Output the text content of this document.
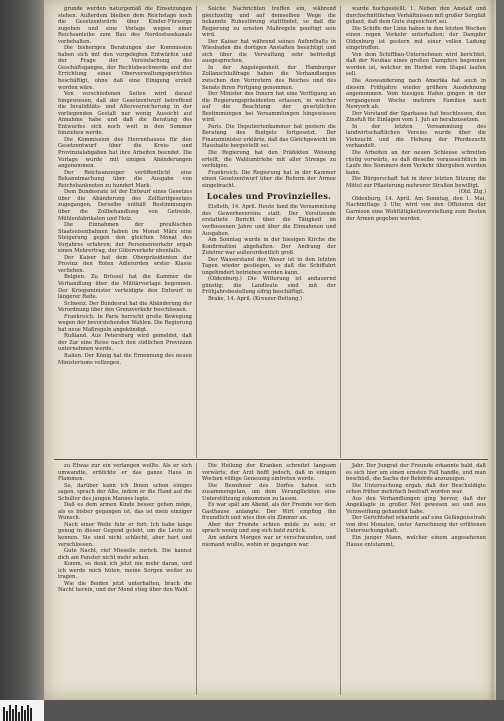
grunde werden naturgemäß die Einsetzungen stehen. Außerdem bleiben dem Reichstage noch die Gesetzentwürfe über Kinder-Fürsorge zugeben und eine Vorlage wegen einer Reichsanleihe zum Bau des Nordostseekanals vorbehalten.

Die bisherigen Beratungen der Kommission haben sich mit den vorgelegten Entwürfen und der Frage der Vereinfachung des Geschäftsganges, der Rechtsbeschwerde und der Errichtung eines Oberverwaltungsgerichtes beschäftigt, ohne daß eine Einigung erzielt worden wäre.

Von verschiedenen Seiten wird darauf hingewiesen, daß der Gesetzentwurf betreffend die Invaliditäts- und Altersversicherung in der vorliegenden Gestalt nur wenig Aussicht auf Annahme habe und daß die Beratung des Entwurfes sich noch weit in den Sommer hinziehen werde.

Die Kommission des Herrenhauses für den Gesetzentwurf über die Kreis- und Provinzialabgaben hat ihre Arbeiten beendet. Die Vorlage wurde mit einigen Abänderungen angenommen.

Der Reichsanzeiger veröffentlicht eine Bekanntmachung über die Ausgabe von Reichsbanknoten zu hundert Mark.

Dem Bundesrate ist der Entwurf eines Gesetzes über die Abänderung des Zolltarifgesetzes zugegangen. Derselbe enthält Bestimmungen über die Zollbehandlung von Getreide, Mühlenfabrikaten und Holz.

Die Einnahmen der preußischen Staatseisenbahnen haben im Monat März eine Steigerung gegen den gleichen Monat des Vorjahres erfahren; der Personenverkehr ergab einen Mehrertrag, der Güterverkehr ebenfalls.

Der Kaiser hat dem Oberpräsidenten der Provinz den Roten Adlerorden erster Klasse verliehen.

Belgien. Zu Brüssel hat die Kammer die Verhandlung über die Militärvorlage begonnen. Der Kriegsminister verteidigte den Entwurf in längerer Rede.

Schweiz. Der Bundesrat hat die Abänderung der Verordnung über den Grenzverkehr beschlossen.

Frankreich. In Paris herrscht große Bewegung wegen der bevorstehenden Wahlen. Die Regierung hat neue Maßregeln angekündigt.

Rußland. Aus Petersburg wird gemeldet, daß der Zar eine Reise nach den südlichen Provinzen unternehmen werde.

Italien. Der König hat die Ernennung des neuen Ministeriums vollzogen.

Solche Nachrichten treffen ein, während gleichzeitig und auf demselben Wege die bekannte Ruhestörung stattfindet, so daß die Regierung zu ernsten Maßregeln genötigt sein wird.

Der Kaiser hat während seines Aufenthalts in Wiesbaden die dortigen Anstalten besichtigt und sich über die Verwaltung sehr befriedigt ausgesprochen.

In der Angelegenheit der Hamburger Zollanschlußfrage haben die Verhandlungen zwischen den Vertretern des Reiches und des Senats ihren Fortgang genommen.

Der Minister des Innern hat eine Verfügung an die Regierungspräsidenten erlassen, in welcher auf die Beachtung der gesetzlichen Bestimmungen bei Versammlungen hingewiesen wird.

Paris. Die Deputiertenkammer hat gestern die Beratung des Budgets fortgesetzt. Der Finanzminister erklärte, daß das Gleichgewicht im Haushalte hergestellt sei.

Die Regierung hat den Präfekten Weisung erteilt, die Wahlumtriebe mit aller Strenge zu verfolgen.

Frankreich. Die Regierung hat in der Kammer einen Gesetzentwurf über die Reform der Armee eingebracht.

Locales und Provinzielles.

Elsfleth, 14. April. Heute fand die Versammlung des Gewerbevereins statt. Der Vorsitzende erstattete Bericht über die Tätigkeit im verflossenen Jahre und über die Einnahmen und Ausgaben.

Am Sonntag wurde in der hiesigen Kirche die Konfirmation abgehalten. Der Andrang der Zuhörer war außerordentlich groß.

Der Wasserstand der Weser ist in den letzten Tagen wieder gestiegen, so daß die Schiffahrt ungehindert betrieben werden kann.

(Oldenburg.) Die Witterung ist andauernd günstig; die Landleute sind mit der Frühjahrsbestellung eifrig beschäftigt.

Brake, 14. April. (Kreuzer-Beitung.)

wurde hochgestellt. 1. Neben den Anstalt und durchschnittlichen Verhältnissen mit großer Sorgfalt gebaut, daß dem Gute zugesichert sei.

Die Schiffe der Linie haben in den letzten Wochen einen regen Verkehr unterhalten; der Dampfer Oldenburg ist gestern mit einer vollen Ladung eingetroffen.

Von dem Schiffbau-Unternehmen wird berichtet, daß der Neubau eines großen Dampfers begonnen worden ist, welcher im Herbst vom Stapel laufen soll.

Die Auswanderung nach Amerika hat auch in diesem Frühjahre wieder größere Ausdehnung angenommen. Vom hiesigen Hafen gingen in der vergangenen Woche mehrere Familien nach Newyork ab.

Der Vorstand der Sparkasse hat beschlossen, den Zinsfuß für Einlagen vom 1. Juli an herabzusetzen.

In der letzten Versammlung des landwirtschaftlichen Vereins wurde über die Viehzucht und die Hebung der Pferdezucht verhandelt.

Die Arbeiten an der neuen Schleuse schreiten rüstig vorwärts, so daß dieselbe voraussichtlich im Laufe des Sommers dem Verkehr übergeben werden kann.

Die Bürgerschaft hat in ihrer letzten Sitzung die Mittel zur Pflasterung mehrerer Straßen bewilligt.

(Old. Ztg.)

Oldenburg, 14. April. Am Sonntag, den 1. Mai, Nachmittags 3 Uhr, wird von den Offizieren der Garnison eine Wohltätigkeitsvorstellung zum Besten der Armen gegeben werden.

zu Etwas zur ein verlangen wollte. Als er sich umwandte, erblickte er das ganze Haus in Flammen.

So, darüber kann ich Ihnen schon einiges sagen, sprach der Alte, indem er die Hand auf die Schulter des jungen Mannes legte.

Daß es dem armen Kinde besser gehen möge, als es bisher gegangen ist, das ist mein einziger Wunsch.

Nach einer Weile fuhr er fort: Ich habe lange genug in dieser Gegend gelebt, um die Leute zu kennen. Sie sind nicht schlecht, aber hart und verschlossen.

Gute Nacht, rief Mieselle zurück. Die kannst dich am Fenster nicht mehr sehen.

Komm, so denk ich jetzt nie mehr daran, und ich werde mich hüten, meine Sorgen weiter zu tragen.

Wie die Beiden jetzt unterhalten, brach die Nacht herein, und der Mond stieg über den Wald.

Die Heilung der Kranken schreitet langsam vorwärts; der Arzt hofft jedoch, daß in einigen Wochen völlige Genesung eintreten werde.

Die Bewohner des Dorfes haben sich zusammengetan, um dem Verunglückten eine Unterstützung zukommen zu lassen.

Es war spät am Abend, als der Fremde vor dem Gasthause anlangte. Der Wirt empfing ihn freundlich und wies ihm ein Zimmer an.

Aber der Fremde schien müde zu sein; er sprach wenig und zog sich bald zurück.

Am andern Morgen war er verschwunden, und niemand wußte, wohin er gegangen war.

Jahr. Der Jungrat der Freunde erkannte bald, daß es sich hier um einen ernsten Fall handle, und man beschloß, die Sache der Behörde anzuzeigen.

Die Untersuchung ergab, daß der Beschuldigte schon früher mehrfach bestraft worden war.

Aus den Verhandlungen ging hervor, daß der Angeklagte in großer Not gewesen sei und aus Verzweiflung gehandelt habe.

Der Gerichtshof erkannte auf eine Gefängnisstrafe von drei Monaten, unter Anrechnung der erlittenen Untersuchungshaft.

Ein junger Mann, welcher einem angesehenen Hause entstammt,
